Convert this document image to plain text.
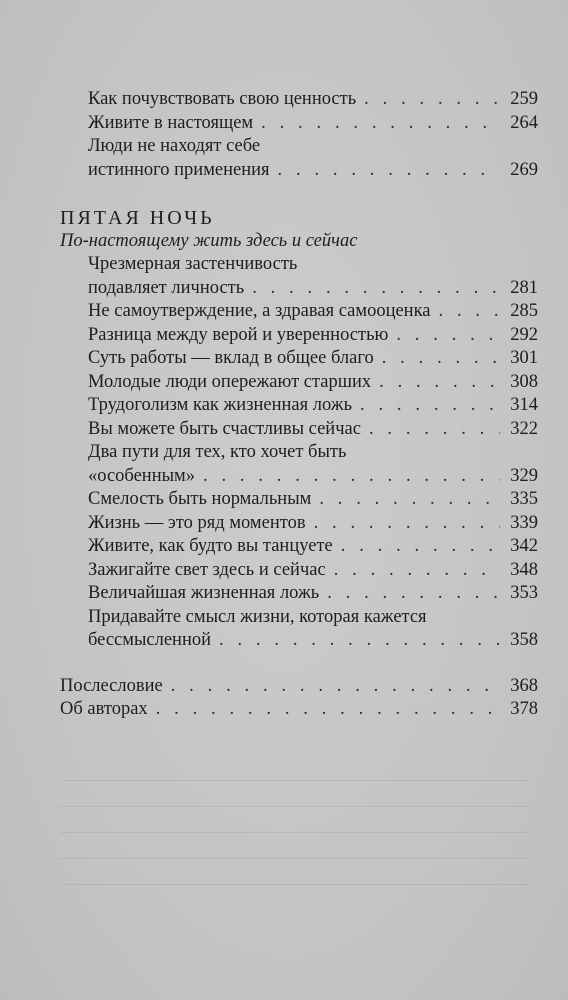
Как почувствовать свою ценность . . .	259
Живите в настоящем . . .	264
Люди не находят себе
истинного применения . . .	269
ПЯТАЯ НОЧЬ
По-настоящему жить здесь и сейчас
Чрезмерная застенчивость
подавляет личность . . .	281
Не самоутверждение, а здравая самооценка . . .	285
Разница между верой и уверенностью . . .	292
Суть работы — вклад в общее благо . . .	301
Молодые люди опережают старших . . .	308
Трудоголизм как жизненная ложь . . .	314
Вы можете быть счастливы сейчас . . .	322
Два пути для тех, кто хочет быть
«особенным» . . .	329
Смелость быть нормальным . . .	335
Жизнь — это ряд моментов . . .	339
Живите, как будто вы танцуете . . .	342
Зажигайте свет здесь и сейчас . . .	348
Величайшая жизненная ложь . . .	353
Придавайте смысл жизни, которая кажется
бессмысленной . . .	358
Послесловие . . .	368
Об авторах . . .	378
